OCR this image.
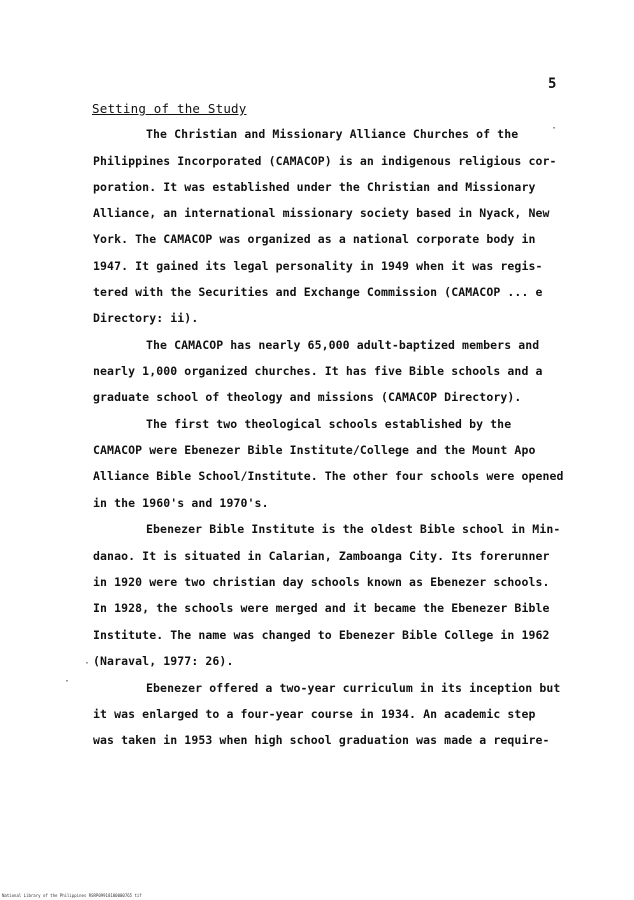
5
Setting of the Study
The Christian and Missionary Alliance Churches of the
Philippines Incorporated (CAMACOP) is an indigenous religious cor-
poration. It was established under the Christian and Missionary
Alliance, an international missionary society based in Nyack, New
York. The CAMACOP was organized as a national corporate body in
1947. It gained its legal personality in 1949 when it was regis-
tered with the Securities and Exchange Commission (CAMACOP ... e
Directory: ii).
The CAMACOP has nearly 65,000 adult-baptized members and
nearly 1,000 organized churches. It has five Bible schools and a
graduate school of theology and missions (CAMACOP Directory).
The first two theological schools established by the
CAMACOP were Ebenezer Bible Institute/College and the Mount Apo
Alliance Bible School/Institute. The other four schools were opened
in the 1960's and 1970's.
Ebenezer Bible Institute is the oldest Bible school in Min-
danao. It is situated in Calarian, Zamboanga City. Its forerunner
in 1920 were two christian day schools known as Ebenezer schools.
In 1928, the schools were merged and it became the Ebenezer Bible
Institute. The name was changed to Ebenezer Bible College in 1962
(Naraval, 1977: 26).
Ebenezer offered a two-year curriculum in its inception but
it was enlarged to a four-year course in 1934. An academic step
was taken in 1953 when high school graduation was made a require-
·
·
·
National Library of the Philippines RSRP09918100000765 tif
